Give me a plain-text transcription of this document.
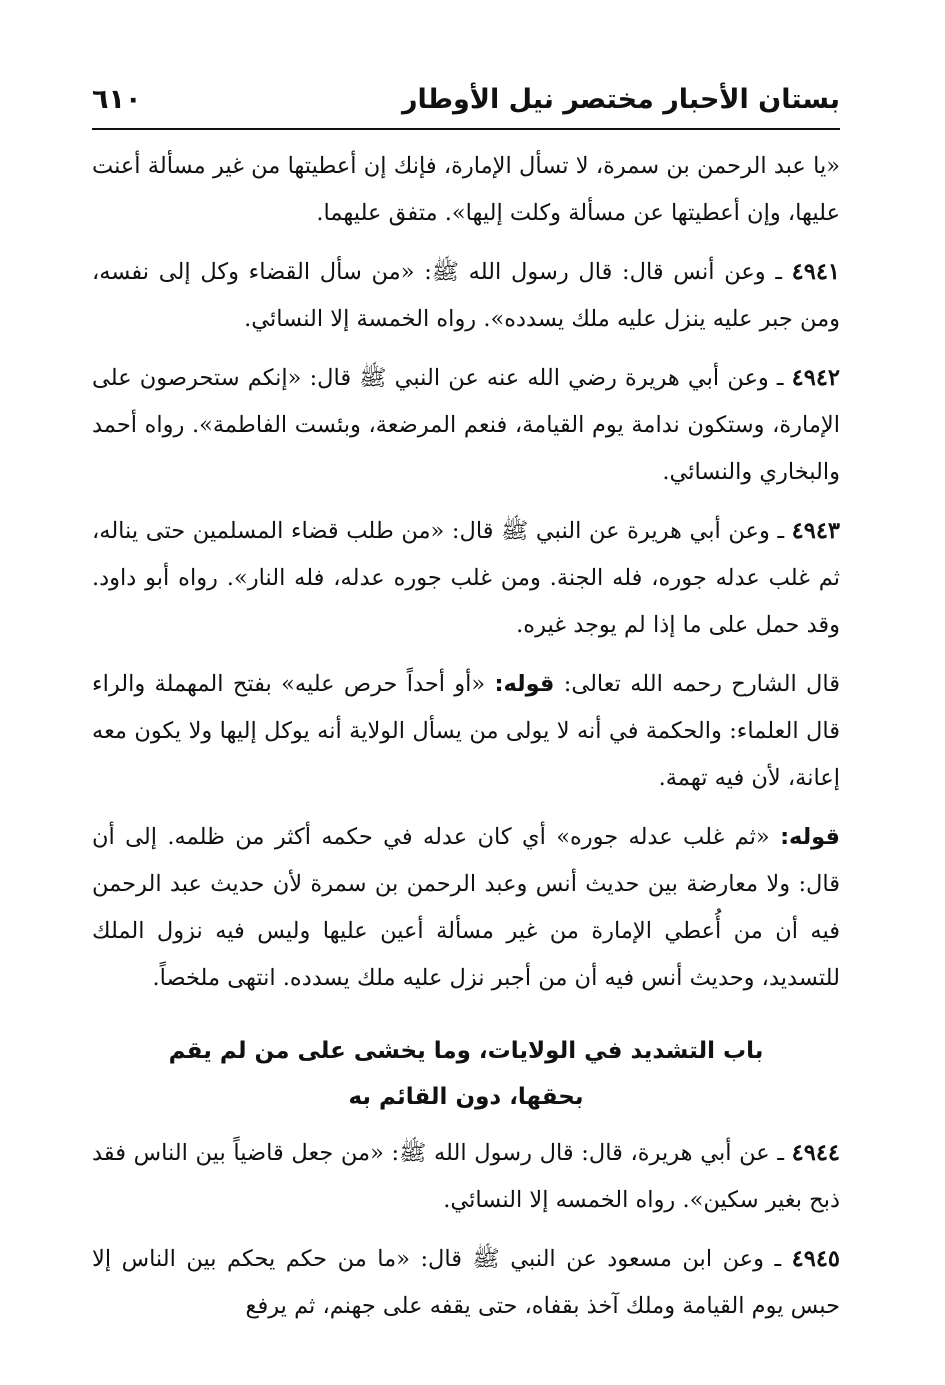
بستان الأحبار مختصر نيل الأوطار
٦١٠

«يا عبد الرحمن بن سمرة، لا تسأل الإمارة، فإنك إن أعطيتها من غير مسألة أعنت عليها، وإن أعطيتها عن مسألة وكلت إليها». متفق عليهما.

٤٩٤١ ـ وعن أنس قال: قال رسول الله ﷺ: «من سأل القضاء وكل إلى نفسه، ومن جبر عليه ينزل عليه ملك يسدده». رواه الخمسة إلا النسائي.

٤٩٤٢ ـ وعن أبي هريرة رضي الله عنه عن النبي ﷺ قال: «إنكم ستحرصون على الإمارة، وستكون ندامة يوم القيامة، فنعم المرضعة، وبئست الفاطمة». رواه أحمد والبخاري والنسائي.

٤٩٤٣ ـ وعن أبي هريرة عن النبي ﷺ قال: «من طلب قضاء المسلمين حتى يناله، ثم غلب عدله جوره، فله الجنة. ومن غلب جوره عدله، فله النار». رواه أبو داود. وقد حمل على ما إذا لم يوجد غيره.

قال الشارح رحمه الله تعالى: قوله: «أو أحداً حرص عليه» بفتح المهملة والراء قال العلماء: والحكمة في أنه لا يولى من يسأل الولاية أنه يوكل إليها ولا يكون معه إعانة، لأن فيه تهمة.

قوله: «ثم غلب عدله جوره» أي كان عدله في حكمه أكثر من ظلمه. إلى أن قال: ولا معارضة بين حديث أنس وعبد الرحمن بن سمرة لأن حديث عبد الرحمن فيه أن من أُعطي الإمارة من غير مسألة أعين عليها وليس فيه نزول الملك للتسديد، وحديث أنس فيه أن من أجبر نزل عليه ملك يسدده. انتهى ملخصاً.

باب التشديد في الولايات، وما يخشى على من لم يقم
بحقها، دون القائم به

٤٩٤٤ ـ عن أبي هريرة، قال: قال رسول الله ﷺ: «من جعل قاضياً بين الناس فقد ذبح بغير سكين». رواه الخمسه إلا النسائي.

٤٩٤٥ ـ وعن ابن مسعود عن النبي ﷺ قال: «ما من حكم يحكم بين الناس إلا حبس يوم القيامة وملك آخذ بقفاه، حتى يقفه على جهنم، ثم يرفع
